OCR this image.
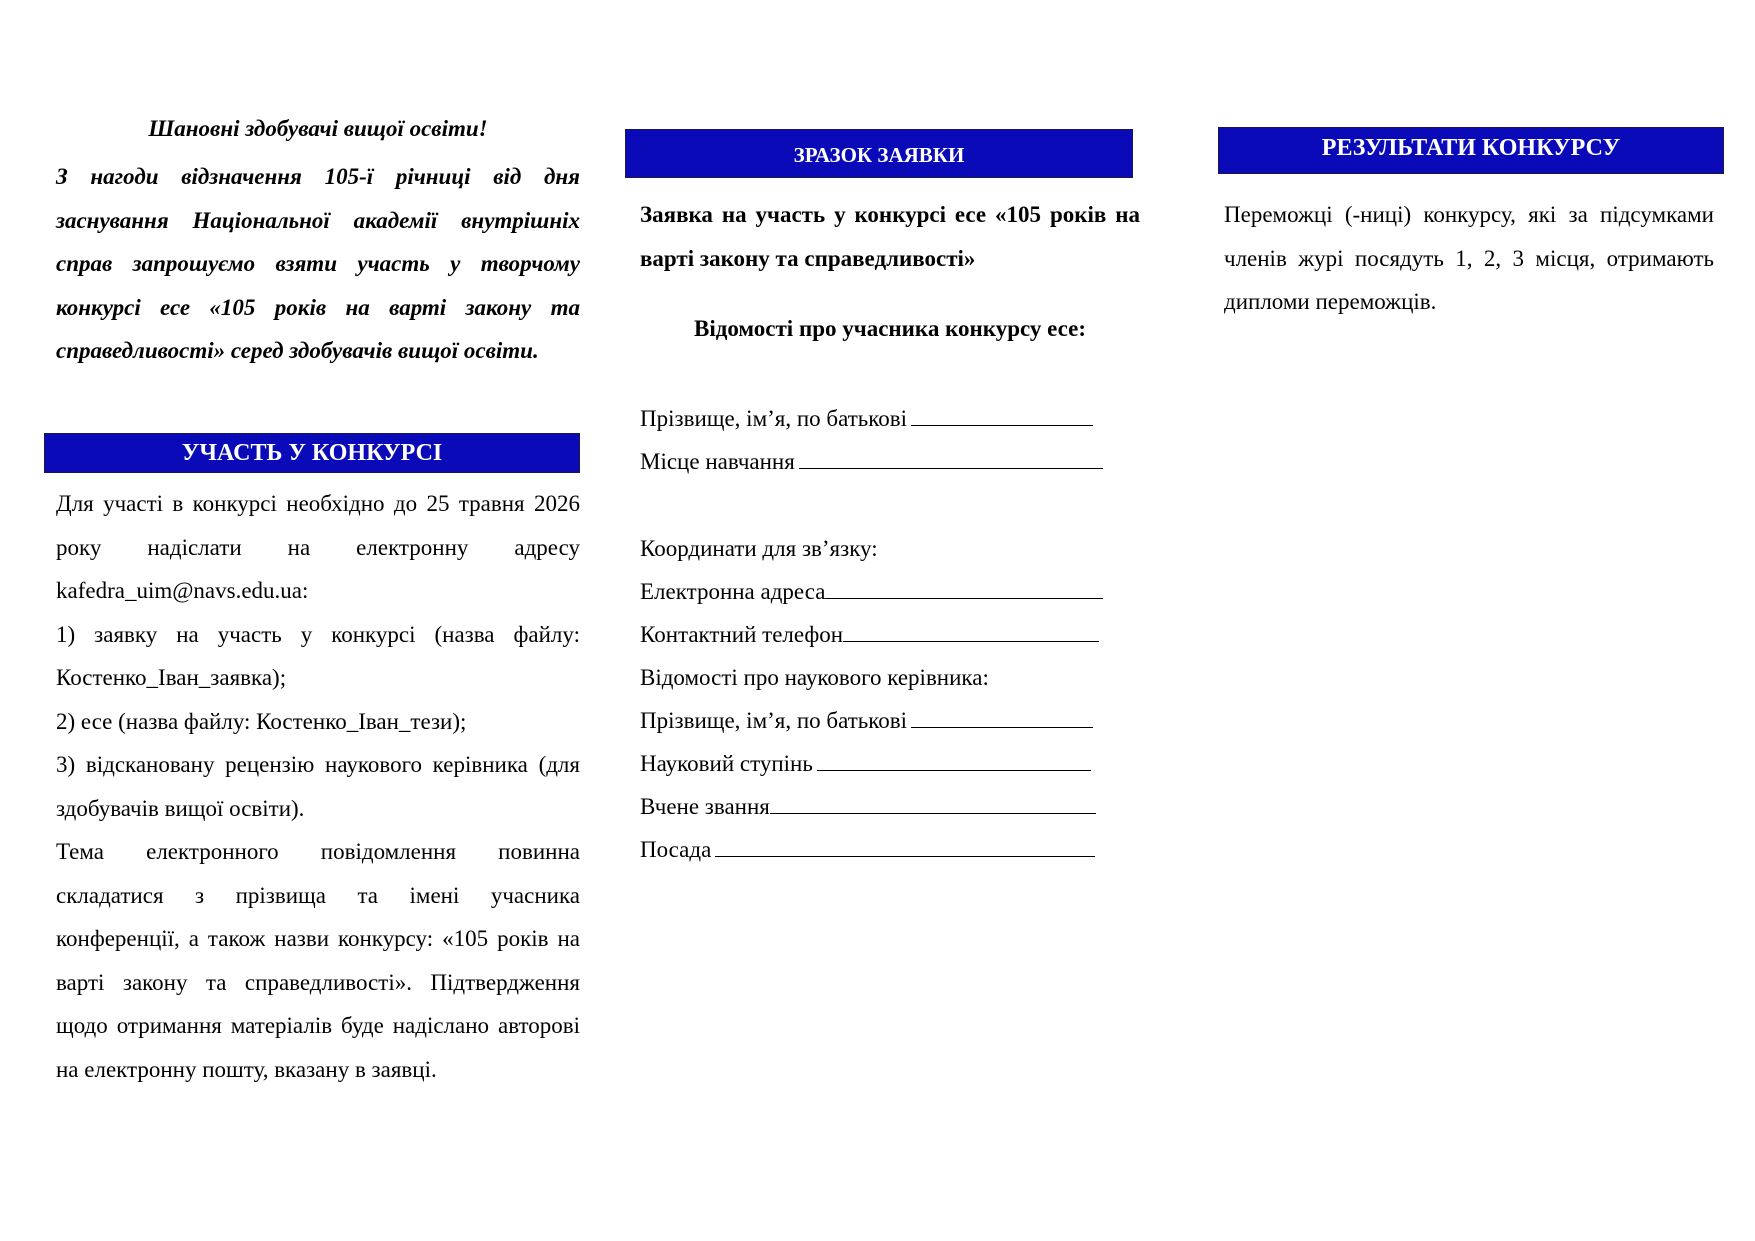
Шановні здобувачі вищої освіти!
З нагоди відзначення 105-ї річниці від дня заснування Національної академії внутрішніх справ запрошуємо взяти участь у творчому конкурсі есе «105 років на варті закону та справедливості» серед здобувачів вищої освіти.
УЧАСТЬ У КОНКУРСІ

Для участі в конкурсі необхідно до 25 травня 2026 року надіслати на електронну адресу kafedra_uim@navs.edu.ua:

1) заявку на участь у конкурсі (назва файлу: Костенко_Іван_заявка);

2) есе (назва файлу: Костенко_Іван_тези);

3) відскановану рецензію наукового керівника (для здобувачів вищої освіти).

Тема електронного повідомлення повинна складатися з прізвища та імені учасника конференції, а також назви конкурсу: «105 років на варті закону та справедливості». Підтвердження щодо отримання матеріалів буде надіслано авторові на електронну пошту, вказану в заявці.

ЗРАЗОК ЗАЯВКИ
Заявка на участь у конкурсі есе «105 років на варті закону та справедливості»
Відомості про учасника конкурсу есе:
Прізвище, ім’я, по батькові
Місце навчання
Координати для зв’язку:
Електронна адреса
Контактний телефон
Відомості про наукового керівника:
Прізвище, ім’я, по батькові
Науковий ступінь
Вчене звання
Посада
РЕЗУЛЬТАТИ КОНКУРСУ
Переможці (-ниці) конкурсу, які за підсумками членів журі посядуть 1, 2, 3 місця, отримають дипломи переможців.
